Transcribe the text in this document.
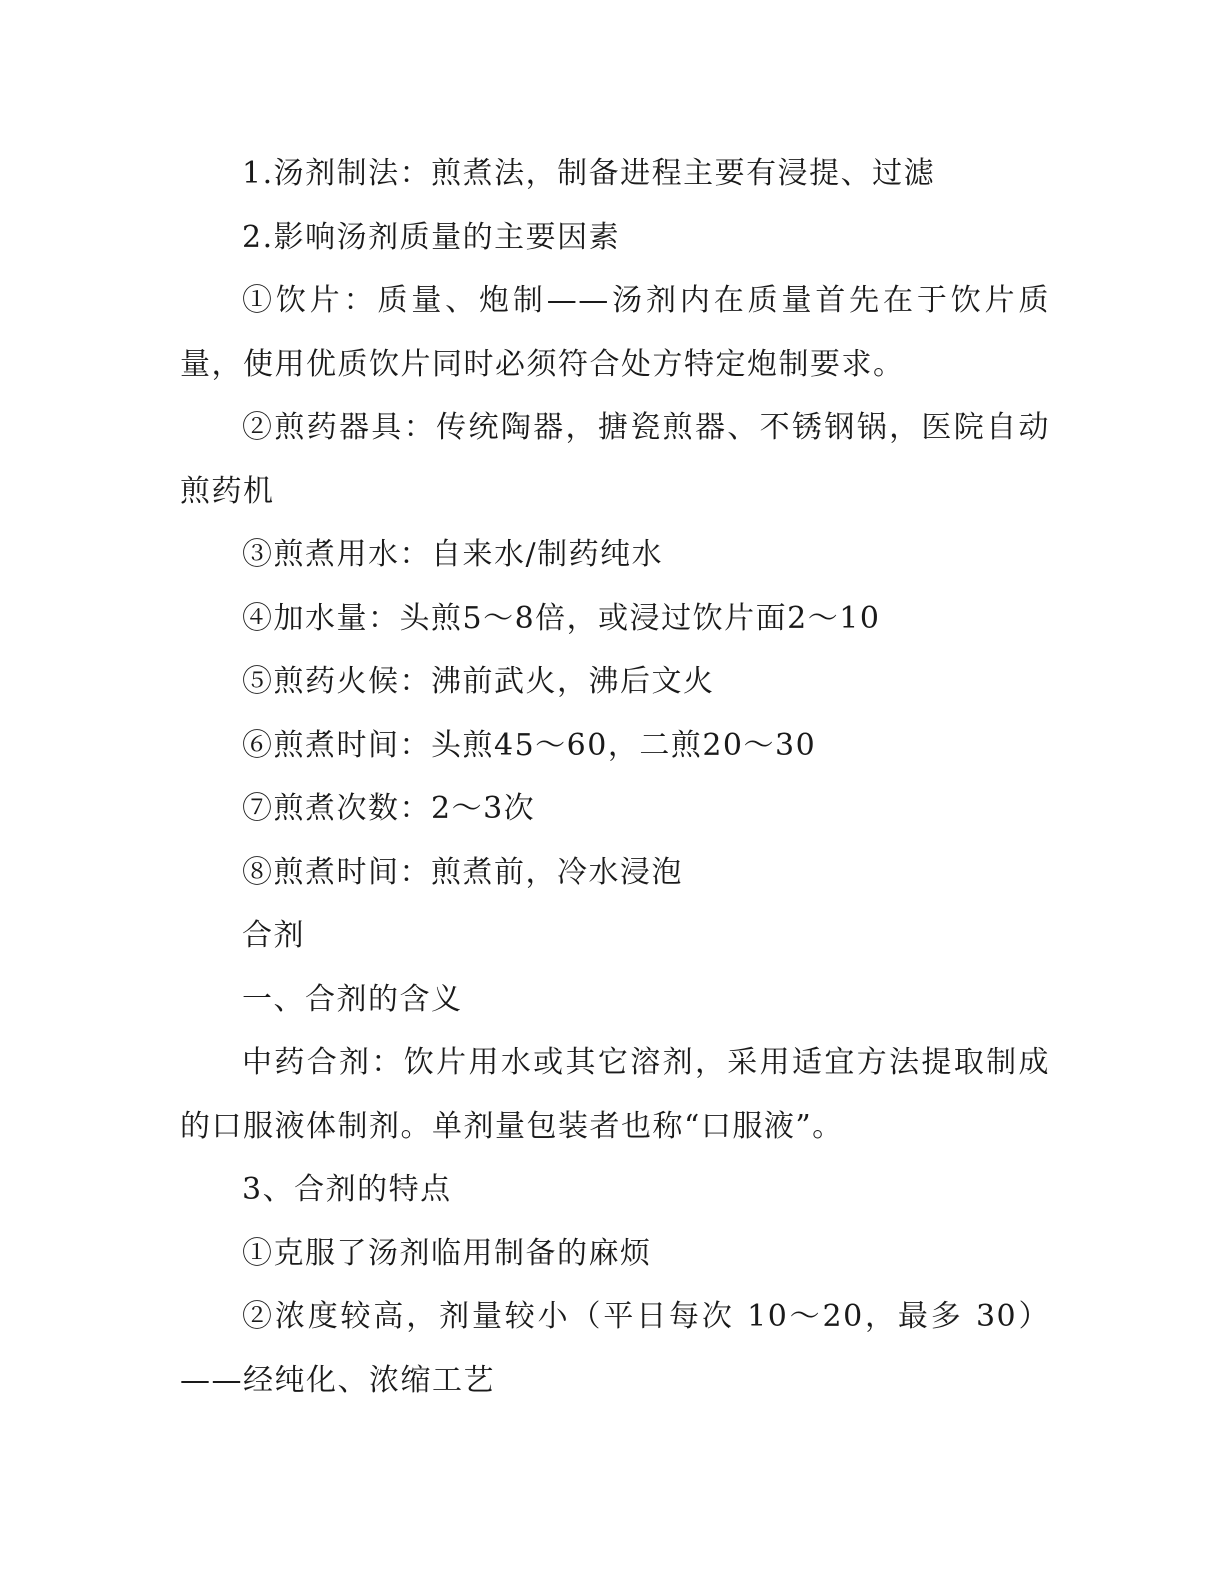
1.汤剂制法：煎煮法，制备进程主要有浸提、过滤

2.影响汤剂质量的主要因素

①饮片：质量、炮制——汤剂内在质量首先在于饮片质量，使用优质饮片同时必须符合处方特定炮制要求。

②煎药器具：传统陶器，搪瓷煎器、不锈钢锅，医院自动煎药机

③煎煮用水：自来水/制药纯水

④加水量：头煎5～8倍，或浸过饮片面2～10

⑤煎药火候：沸前武火，沸后文火

⑥煎煮时间：头煎45～60，二煎20～30

⑦煎煮次数：2～3次

⑧煎煮时间：煎煮前，冷水浸泡

合剂

一、合剂的含义

中药合剂：饮片用水或其它溶剂，采用适宜方法提取制成的口服液体制剂。单剂量包装者也称“口服液”。

3、合剂的特点

①克服了汤剂临用制备的麻烦

②浓度较高，剂量较小（平日每次 10～20，最多 30）——经纯化、浓缩工艺
